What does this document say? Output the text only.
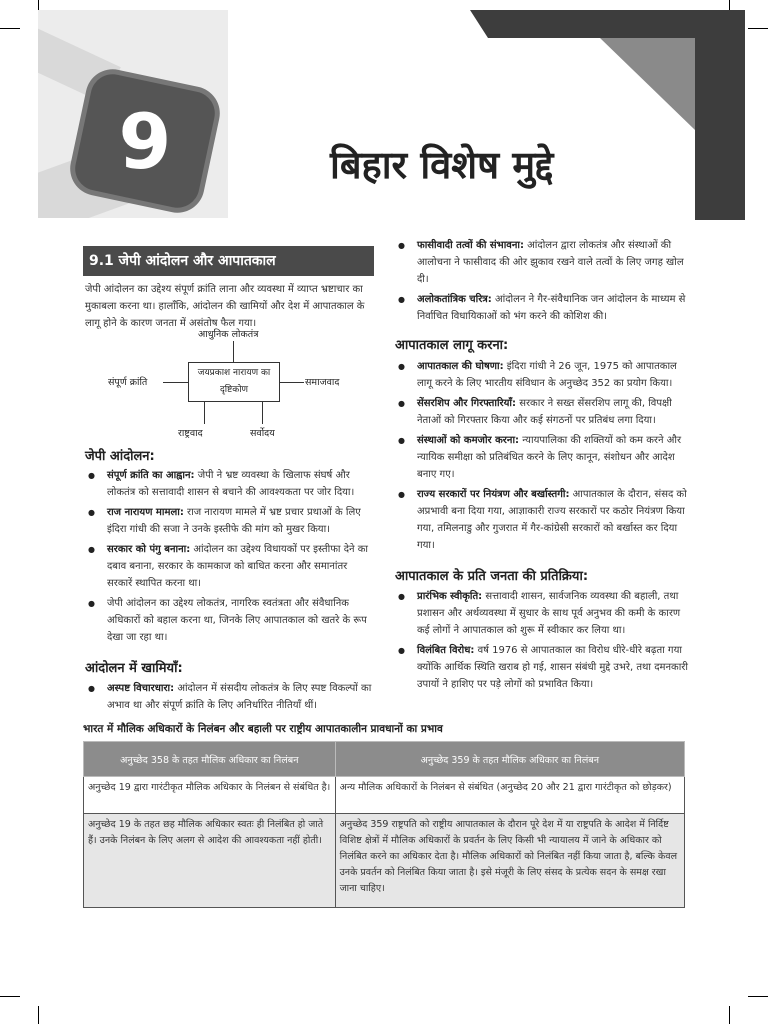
9	बिहार विशेष मुद्दे
9.1 जेपी आंदोलन और आपातकाल
जेपी आंदोलन का उद्देश्य संपूर्ण क्रांति लाना और व्यवस्था में व्याप्त भ्रष्टाचार का मुकाबला करना था। हालाँकि, आंदोलन की खामियों और देश में आपातकाल के लागू होने के कारण जनता में असंतोष फैल गया।
जयप्रकाश नारायण का दृष्टिकोण
आधुनिक लोकतंत्र
संपूर्ण क्रांति	समाजवाद
राष्ट्रवाद	सर्वोदय
जेपी आंदोलन:
● संपूर्ण क्रांति का आह्वान: जेपी ने भ्रष्ट व्यवस्था के खिलाफ संघर्ष और लोकतंत्र को सत्तावादी शासन से बचाने की आवश्यकता पर जोर दिया।
● राज नारायण मामला: राज नारायण मामले में भ्रष्ट प्रचार प्रथाओं के लिए इंदिरा गांधी की सजा ने उनके इस्तीफे की मांग को मुखर किया।
● सरकार को पंगु बनाना: आंदोलन का उद्देश्य विधायकों पर इस्तीफा देने का दबाव बनाना, सरकार के कामकाज को बाधित करना और समानांतर सरकारें स्थापित करना था।
● जेपी आंदोलन का उद्देश्य लोकतंत्र, नागरिक स्वतंत्रता और संवैधानिक अधिकारों को बहाल करना था, जिनके लिए आपातकाल को खतरे के रूप देखा जा रहा था।
आंदोलन में खामियाँ:
● अस्पष्ट विचारधारा: आंदोलन में संसदीय लोकतंत्र के लिए स्पष्ट विकल्पों का अभाव था और संपूर्ण क्रांति के लिए अनिर्धारित नीतियाँ थीं।
● फासीवादी तत्वों की संभावना: आंदोलन द्वारा लोकतंत्र और संस्थाओं की आलोचना ने फासीवाद की ओर झुकाव रखने वाले तत्वों के लिए जगह खोल दी।
● अलोकतांत्रिक चरित्र: आंदोलन ने गैर-संवैधानिक जन आंदोलन के माध्यम से निर्वाचित विधायिकाओं को भंग करने की कोशिश की।
आपातकाल लागू करना:
● आपातकाल की घोषणा: इंदिरा गांधी ने 26 जून, 1975 को आपातकाल लागू करने के लिए भारतीय संविधान के अनुच्छेद 352 का प्रयोग किया।
● सेंसरशिप और गिरफ्तारियाँ: सरकार ने सख्त सेंसरशिप लागू की, विपक्षी नेताओं को गिरफ्तार किया और कई संगठनों पर प्रतिबंध लगा दिया।
● संस्थाओं को कमजोर करना: न्यायपालिका की शक्तियों को कम करने और न्यायिक समीक्षा को प्रतिबंधित करने के लिए कानून, संशोधन और आदेश बनाए गए।
● राज्य सरकारों पर नियंत्रण और बर्खास्तगी: आपातकाल के दौरान, संसद को अप्रभावी बना दिया गया, आज्ञाकारी राज्य सरकारों पर कठोर नियंत्रण किया गया, तमिलनाडु और गुजरात में गैर-कांग्रेसी सरकारों को बर्खास्त कर दिया गया।
आपातकाल के प्रति जनता की प्रतिक्रिया:
● प्रारंभिक स्वीकृति: सत्तावादी शासन, सार्वजनिक व्यवस्था की बहाली, तथा प्रशासन और अर्थव्यवस्था में सुधार के साथ पूर्व अनुभव की कमी के कारण कई लोगों ने आपातकाल को शुरू में स्वीकार कर लिया था।
● विलंबित विरोध: वर्ष 1976 से आपातकाल का विरोध धीरे-धीरे बढ़ता गया क्योंकि आर्थिक स्थिति खराब हो गई, शासन संबंधी मुद्दे उभरे, तथा दमनकारी उपायों ने हाशिए पर पड़े लोगों को प्रभावित किया।
भारत में मौलिक अधिकारों के निलंबन और बहाली पर राष्ट्रीय आपातकालीन प्रावधानों का प्रभाव
अनुच्छेद 358 के तहत मौलिक अधिकार का निलंबन	अनुच्छेद 359 के तहत मौलिक अधिकार का निलंबन
अनुच्छेद 19 द्वारा गारंटीकृत मौलिक अधिकार के निलंबन से संबंधित है।	अन्य मौलिक अधिकारों के निलंबन से संबंधित (अनुच्छेद 20 और 21 द्वारा गारंटीकृत को छोड़कर)
अनुच्छेद 19 के तहत छह मौलिक अधिकार स्वतः ही निलंबित हो जाते हैं। उनके निलंबन के लिए अलग से आदेश की आवश्यकता नहीं होती।	अनुच्छेद 359 राष्ट्रपति को राष्ट्रीय आपातकाल के दौरान पूरे देश में या राष्ट्रपति के आदेश में निर्दिष्ट विशिष्ट क्षेत्रों में मौलिक अधिकारों के प्रवर्तन के लिए किसी भी न्यायालय में जाने के अधिकार को निलंबित करने का अधिकार देता है। मौलिक अधिकारों को निलंबित नहीं किया जाता है, बल्कि केवल उनके प्रवर्तन को निलंबित किया जाता है। इसे मंजूरी के लिए संसद के प्रत्येक सदन के समक्ष रखा जाना चाहिए।
